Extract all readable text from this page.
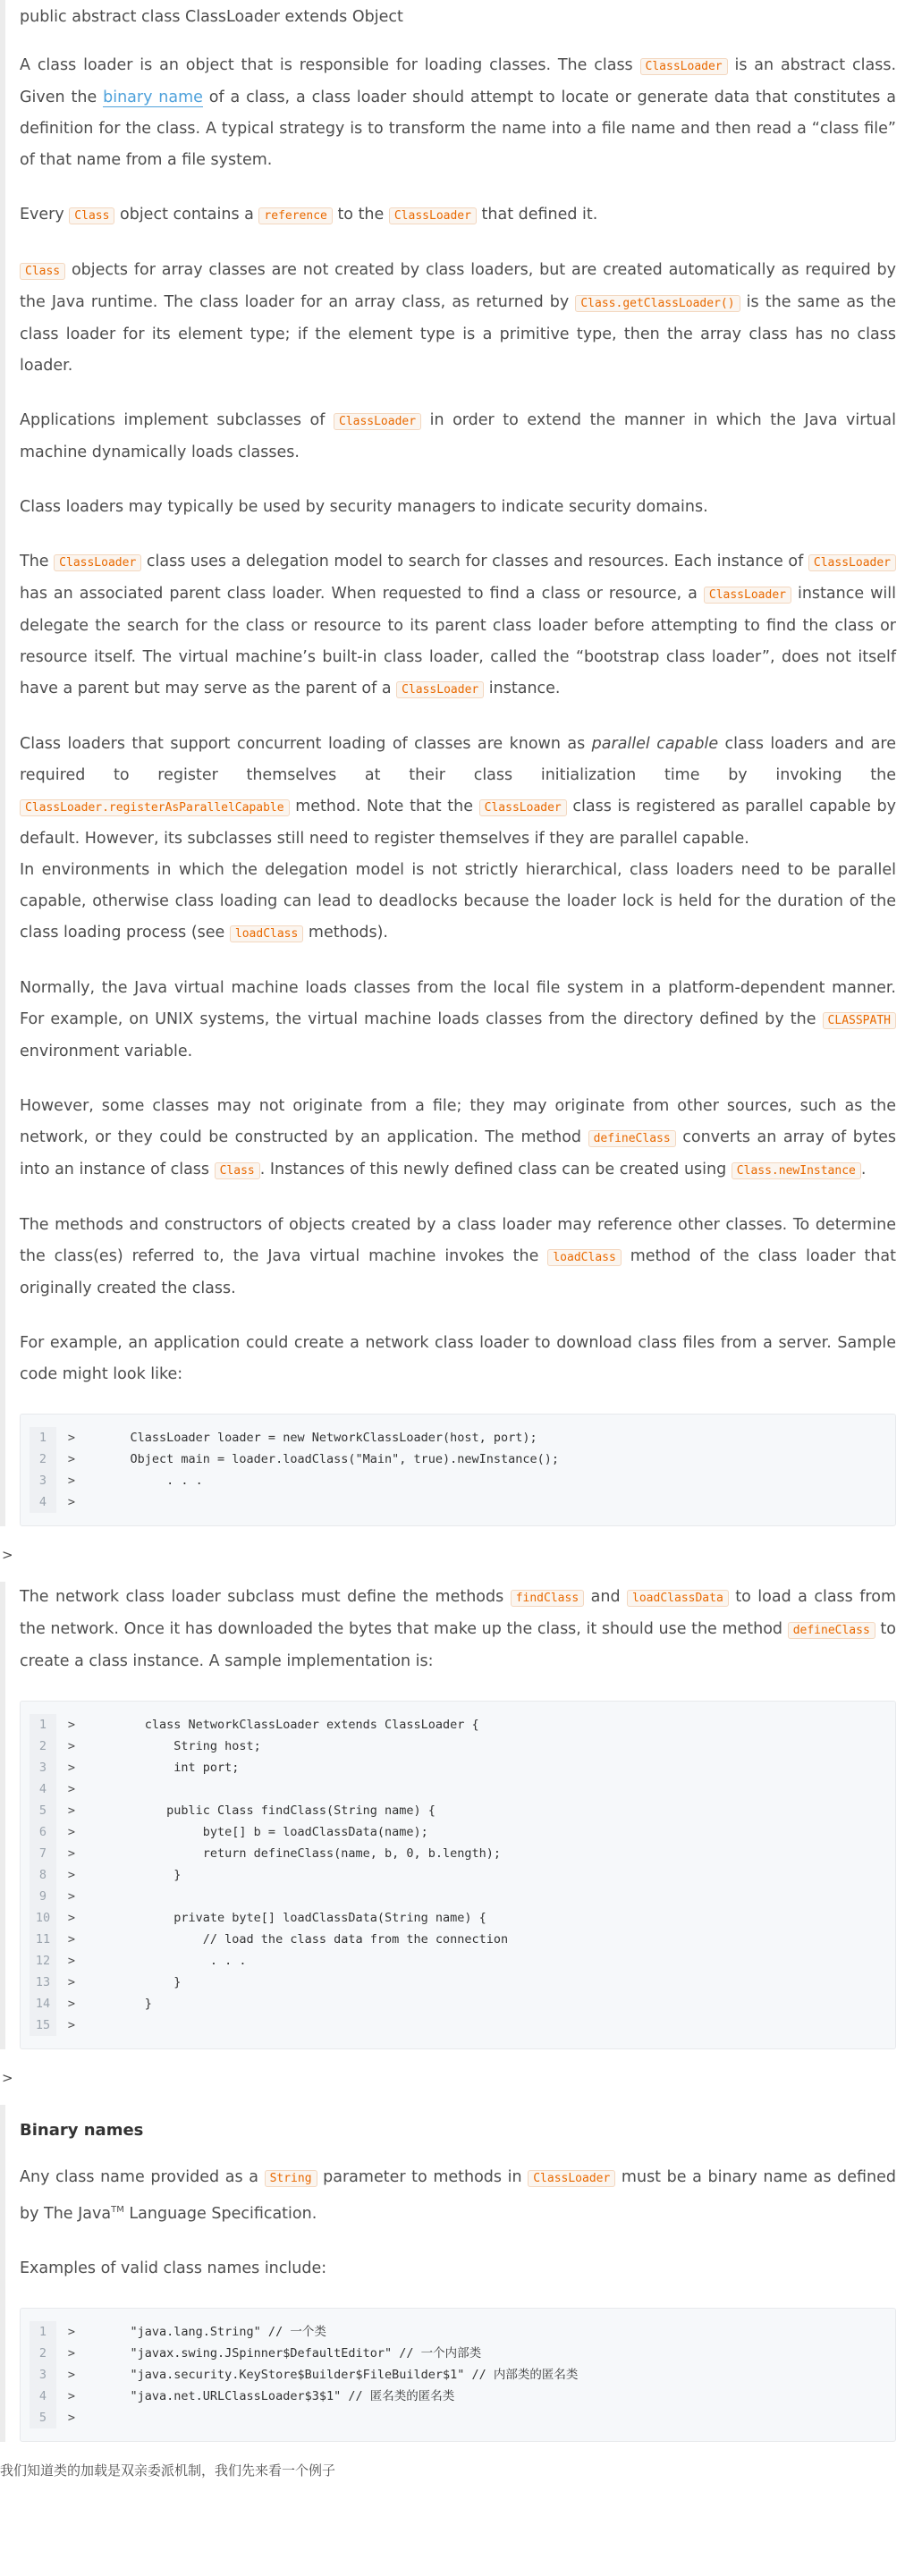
public abstract class ClassLoader extends Object

A class loader is an object that is responsible for loading classes. The class ClassLoader is an abstract class. Given the binary name of a class, a class loader should attempt to locate or generate data that constitutes a definition for the class. A typical strategy is to transform the name into a file name and then read a “class file” of that name from a file system.

Every Class object contains a reference to the ClassLoader that defined it.

Class objects for array classes are not created by class loaders, but are created automatically as required by the Java runtime. The class loader for an array class, as returned by Class.getClassLoader() is the same as the class loader for its element type; if the element type is a primitive type, then the array class has no class loader.

Applications implement subclasses of ClassLoader in order to extend the manner in which the Java virtual machine dynamically loads classes.

Class loaders may typically be used by security managers to indicate security domains.

The ClassLoader class uses a delegation model to search for classes and resources. Each instance of ClassLoader has an associated parent class loader. When requested to find a class or resource, a ClassLoader instance will delegate the search for the class or resource to its parent class loader before attempting to find the class or resource itself. The virtual machine’s built-in class loader, called the “bootstrap class loader”, does not itself have a parent but may serve as the parent of a ClassLoader instance.

Class loaders that support concurrent loading of classes are known as parallel capable class loaders and are required to register themselves at their class initialization time by invoking the ClassLoader.registerAsParallelCapable method. Note that the ClassLoader class is registered as parallel capable by default. However, its subclasses still need to register themselves if they are parallel capable.

In environments in which the delegation model is not strictly hierarchical, class loaders need to be parallel capable, otherwise class loading can lead to deadlocks because the loader lock is held for the duration of the class loading process (see loadClass methods).

Normally, the Java virtual machine loads classes from the local file system in a platform-dependent manner. For example, on UNIX systems, the virtual machine loads classes from the directory defined by the CLASSPATH environment variable.

However, some classes may not originate from a file; they may originate from other sources, such as the network, or they could be constructed by an application. The method defineClass converts an array of bytes into an instance of class Class . Instances of this newly defined class can be created using Class.newInstance .

The methods and constructors of objects created by a class loader may reference other classes. To determine the class(es) referred to, the Java virtual machine invokes the loadClass method of the class loader that originally created the class.

For example, an application could create a network class loader to download class files from a server. Sample code might look like:

1	>	ClassLoader loader = new NetworkClassLoader(host, port);
2	>	Object main = loader.loadClass("Main", true).newInstance();
3	>	. . .
4	>	
>

The network class loader subclass must define the methods findClass and loadClassData to load a class from the network. Once it has downloaded the bytes that make up the class, it should use the method defineClass to create a class instance. A sample implementation is:

1	>	class NetworkClassLoader extends ClassLoader {
2	>	String host;
3	>	int port;
4	>	
5	>	public Class findClass(String name) {
6	>	byte[] b = loadClassData(name);
7	>	return defineClass(name, b, 0, b.length);
8	>	}
9	>	
10	>	private byte[] loadClassData(String name) {
11	>	// load the class data from the connection
12	>	. . .
13	>	}
14	>	}
15	>	
>
Binary names

Any class name provided as a String parameter to methods in ClassLoader must be a binary name as defined by The Java™ Language Specification.

Examples of valid class names include:

1	>	"java.lang.String" // 一个类
2	>	"javax.swing.JSpinner$DefaultEditor" // 一个内部类
3	>	"java.security.KeyStore$Builder$FileBuilder$1" // 内部类的匿名类
4	>	"java.net.URLClassLoader$3$1" // 匿名类的匿名类
5	>	
我们知道类的加载是双亲委派机制，我们先来看一个例子
